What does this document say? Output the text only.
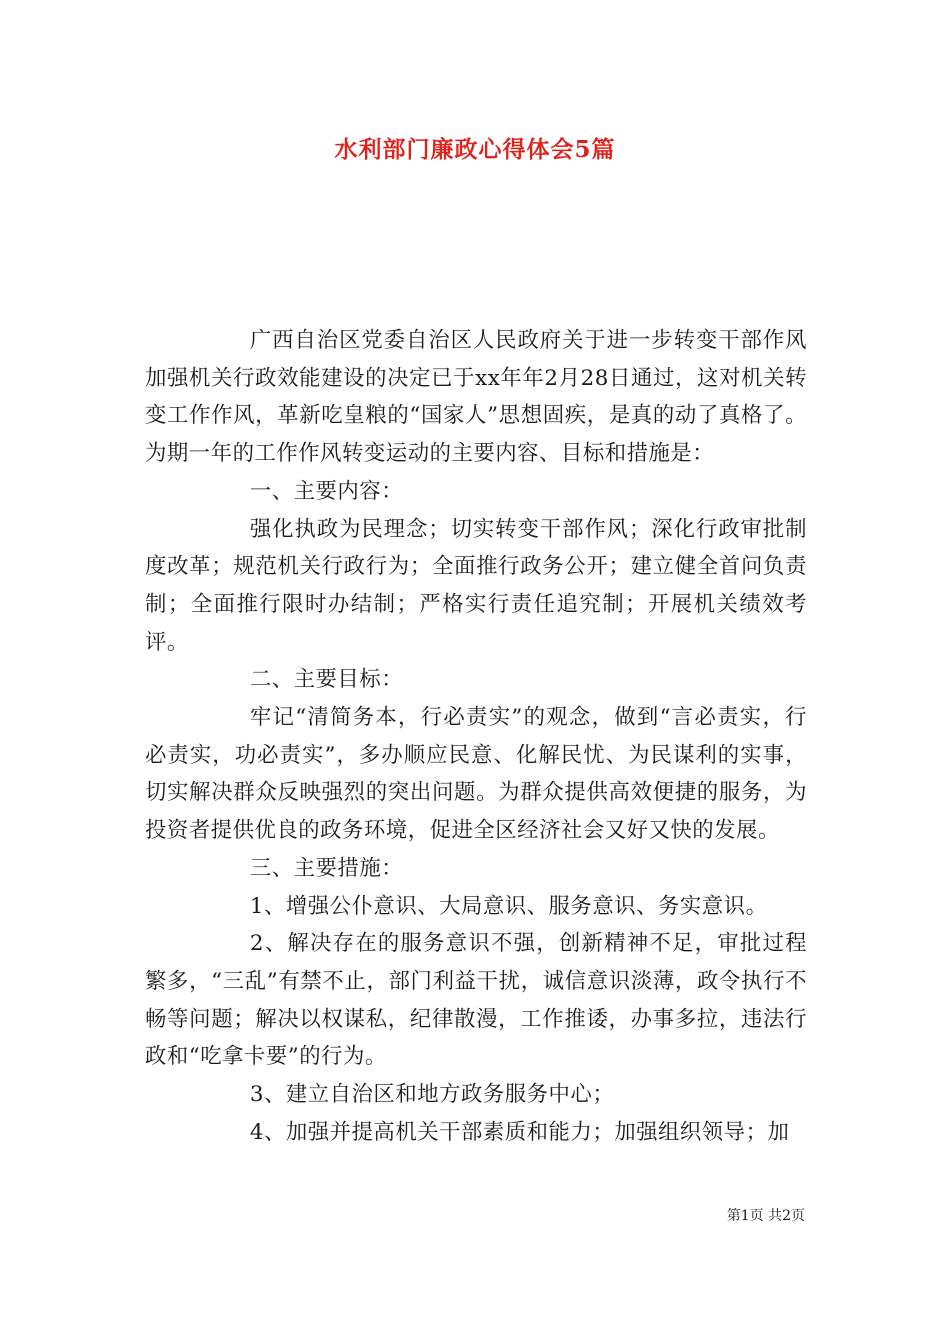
水利部门廉政心得体会5篇

广西自治区党委自治区人民政府关于进一步转变干部作风加强机关行政效能建设的决定已于xx年年2月28日通过，这对机关转变工作作风，革新吃皇粮的“国家人”思想固疾，是真的动了真格了。为期一年的工作作风转变运动的主要内容、目标和措施是：

一、主要内容：

强化执政为民理念；切实转变干部作风；深化行政审批制度改革；规范机关行政行为；全面推行政务公开；建立健全首问负责制；全面推行限时办结制；严格实行责任追究制；开展机关绩效考评。

二、主要目标：

牢记“清简务本，行必责实”的观念，做到“言必责实，行必责实，功必责实”，多办顺应民意、化解民忧、为民谋利的实事，切实解决群众反映强烈的突出问题。为群众提供高效便捷的服务，为投资者提供优良的政务环境，促进全区经济社会又好又快的发展。

三、主要措施：

1、增强公仆意识、大局意识、服务意识、务实意识。

2、解决存在的服务意识不强，创新精神不足，审批过程繁多，“三乱”有禁不止，部门利益干扰，诚信意识淡薄，政令执行不畅等问题；解决以权谋私，纪律散漫，工作推诿，办事多拉，违法行政和“吃拿卡要”的行为。

3、建立自治区和地方政务服务中心；

4、加强并提高机关干部素质和能力；加强组织领导；加

第1页 共2页
